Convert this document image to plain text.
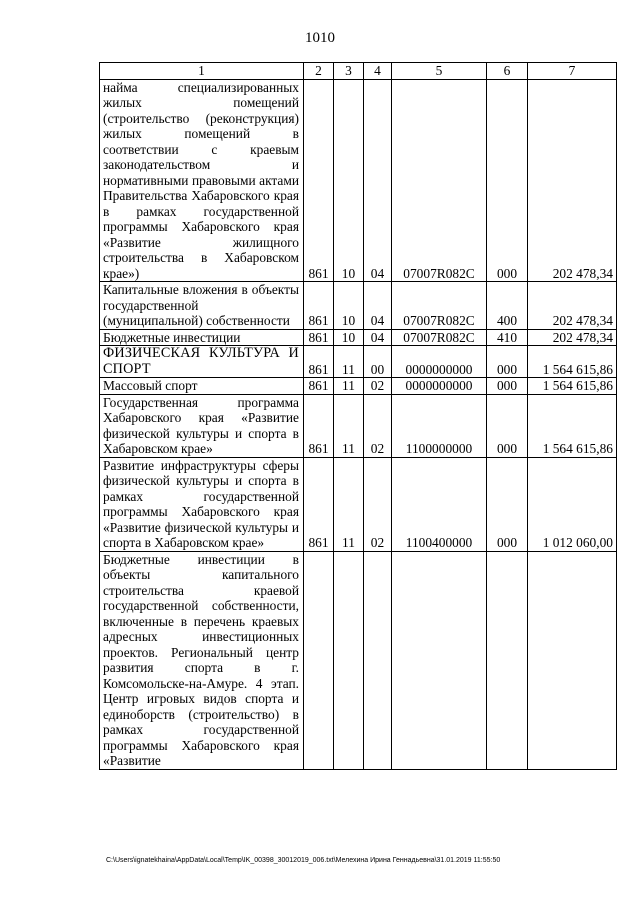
1010
1	2	3	4	5	6	7
найма специализированных жилых помещений (строительство (реконструкция) жилых помещений в соответствии с краевым законодательством и нормативными правовыми актами Правительства Хабаровского края в рамках государственной программы Хабаровского края «Развитие жилищного строительства в Хабаровском крае»)	861	10	04	07007R082C	000	202 478,34
Капитальные вложения в объекты государственной (муниципальной) собственности	861	10	04	07007R082C	400	202 478,34
Бюджетные инвестиции	861	10	04	07007R082C	410	202 478,34
ФИЗИЧЕСКАЯ КУЛЬТУРА И СПОРТ	861	11	00	0000000000	000	1 564 615,86
Массовый спорт	861	11	02	0000000000	000	1 564 615,86
Государственная программа Хабаровского края «Развитие физической культуры и спорта в Хабаровском крае»	861	11	02	1100000000	000	1 564 615,86
Развитие инфраструктуры сферы физической культуры и спорта в рамках государственной программы Хабаровского края «Развитие физической культуры и спорта в Хабаровском крае»	861	11	02	1100400000	000	1 012 060,00
Бюджетные инвестиции в объекты капитального строительства краевой государственной собственности, включенные в перечень краевых адресных инвестиционных проектов. Региональный центр развития спорта в г. Комсомольске-на-Амуре. 4 этап. Центр игровых видов спорта и единоборств (строительство) в рамках государственной программы Хабаровского края «Развитие						
C:\Users\ignatekhaina\AppData\Local\Temp\IK_00398_30012019_006.txt\Мелехина Ирина Геннадьевна\31.01.2019 11:55:50
